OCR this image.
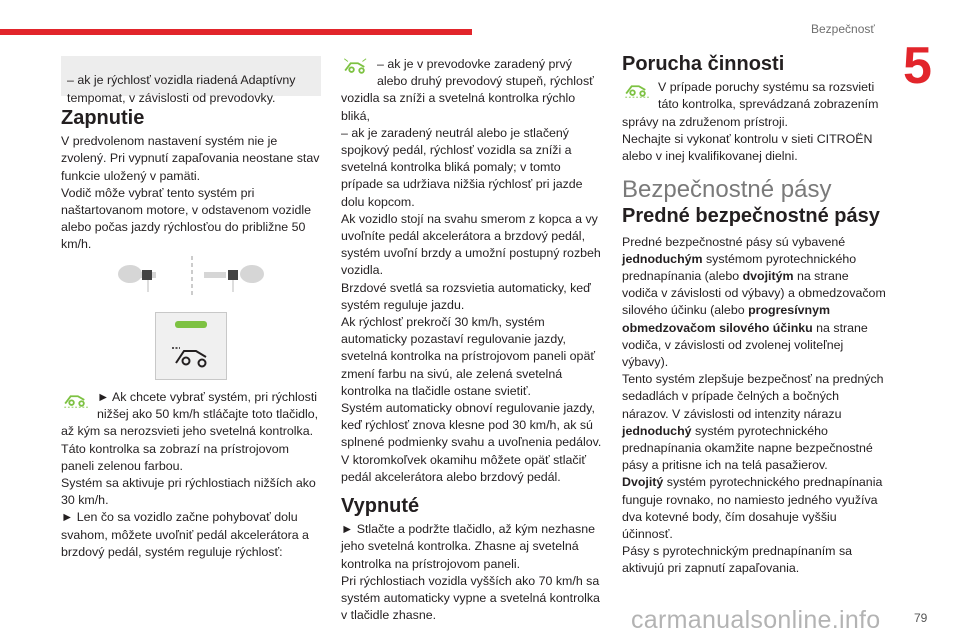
Bezpečnosť
5
79
carmanualsonline.info

– ak je rýchlosť vozidla riadená Adaptívny tempomat, v závislosti od prevodovky.

Zapnutie

V predvolenom nastavení systém nie je zvolený. Pri vypnutí zapaľovania neostane stav funkcie uložený v pamäti.

Vodič môže vybrať tento systém pri naštartovanom motore, v odstavenom vozidle alebo počas jazdy rýchlosťou do približne 50 km/h.

► Ak chcete vybrať systém, pri rýchlosti nižšej ako 50 km/h stláčajte toto tlačidlo, až kým sa nerozsvieti jeho svetelná kontrolka. Táto kontrolka sa zobrazí na prístrojovom paneli zelenou farbou.

Systém sa aktivuje pri rýchlostiach nižších ako 30 km/h.

► Len čo sa vozidlo začne pohybovať dolu svahom, môžete uvoľniť pedál akcelerátora a brzdový pedál, systém reguluje rýchlosť:

– ak je v prevodovke zaradený prvý alebo druhý prevodový stupeň, rýchlosť vozidla sa zníži a svetelná kontrolka rýchlo bliká,

– ak je zaradený neutrál alebo je stlačený spojkový pedál, rýchlosť vozidla sa zníži a svetelná kontrolka bliká pomaly; v tomto prípade sa udržiava nižšia rýchlosť pri jazde dolu kopcom.

Ak vozidlo stojí na svahu smerom z kopca a vy uvoľníte pedál akcelerátora a brzdový pedál, systém uvoľní brzdy a umožní postupný rozbeh vozidla.

Brzdové svetlá sa rozsvietia automaticky, keď systém reguluje jazdu.

Ak rýchlosť prekročí 30 km/h, systém automaticky pozastaví regulovanie jazdy, svetelná kontrolka na prístrojovom paneli opäť zmení farbu na sivú, ale zelená svetelná kontrolka na tlačidle ostane svietiť.

Systém automaticky obnoví regulovanie jazdy, keď rýchlosť znova klesne pod 30 km/h, ak sú splnené podmienky svahu a uvoľnenia pedálov.

V ktoromkoľvek okamihu môžete opäť stlačiť pedál akcelerátora alebo brzdový pedál.

Vypnuté

► Stlačte a podržte tlačidlo, až kým nezhasne jeho svetelná kontrolka. Zhasne aj svetelná kontrolka na prístrojovom paneli.

Pri rýchlostiach vozidla vyšších ako 70 km/h sa systém automaticky vypne a svetelná kontrolka v tlačidle zhasne.

Porucha činnosti

V prípade poruchy systému sa rozsvieti táto kontrolka, sprevádzaná zobrazením správy na združenom prístroji.

Nechajte si vykonať kontrolu v sieti CITROËN alebo v inej kvalifikovanej dielni.

Bezpečnostné pásy
Predné bezpečnostné pásy

Predné bezpečnostné pásy sú vybavené jednoduchým systémom pyrotechnického prednapínania (alebo dvojitým na strane vodiča v závislosti od výbavy) a obmedzovačom silového účinku (alebo progresívnym obmedzovačom silového účinku na strane vodiča, v závislosti od zvolenej voliteľnej výbavy).

Tento systém zlepšuje bezpečnosť na predných sedadlách v prípade čelných a bočných nárazov. V závislosti od intenzity nárazu jednoduchý systém pyrotechnického prednapínania okamžite napne bezpečnostné pásy a pritisne ich na telá pasažierov.

Dvojitý systém pyrotechnického prednapínania funguje rovnako, no namiesto jedného využíva dva kotevné body, čím dosahuje vyššiu účinnosť.

Pásy s pyrotechnickým prednapínaním sa aktivujú pri zapnutí zapaľovania.
